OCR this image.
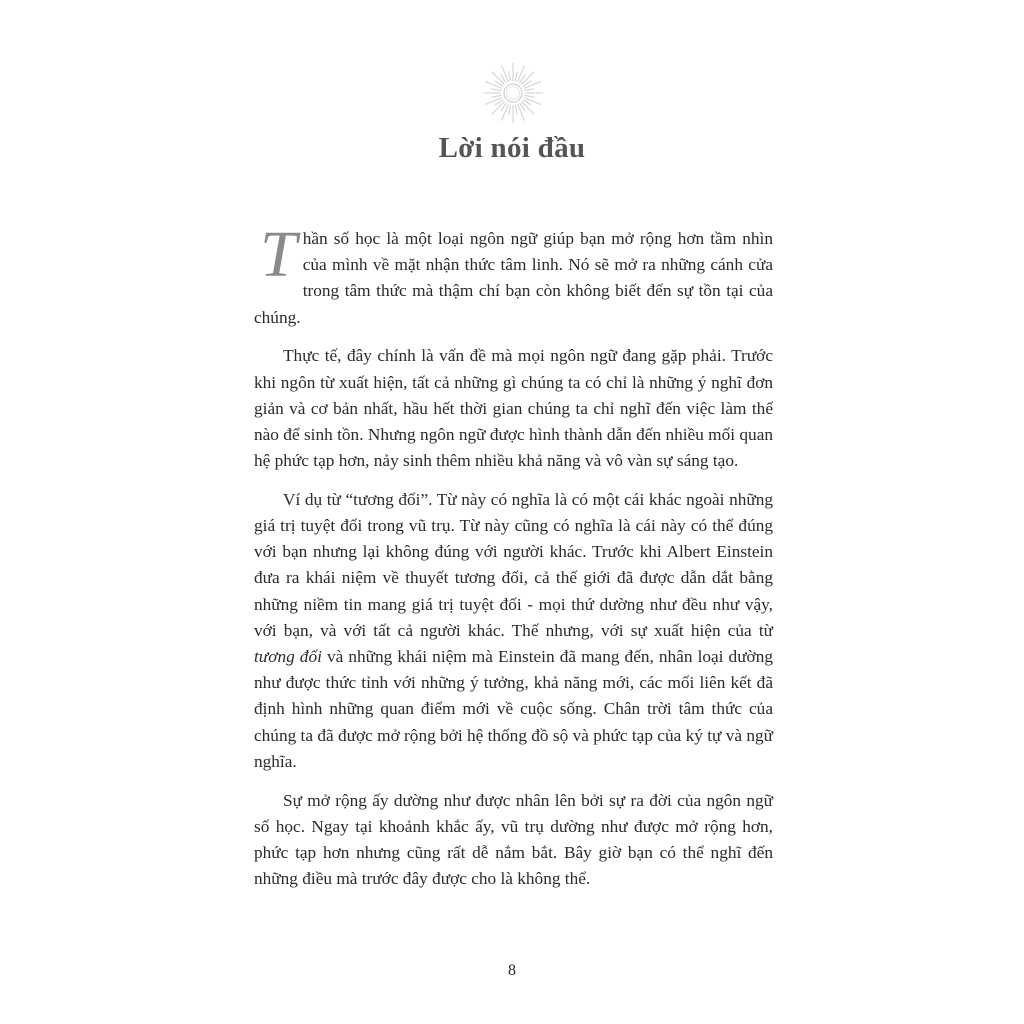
Lời nói đầu

T hần số học là một loại ngôn ngữ giúp bạn mở rộng hơn tầm nhìn của mình về mặt nhận thức tâm linh. Nó sẽ mở ra những cánh cửa trong tâm thức mà thậm chí bạn còn không biết đến sự tồn tại của chúng.

Thực tế, đây chính là vấn đề mà mọi ngôn ngữ đang gặp phải. Trước khi ngôn từ xuất hiện, tất cả những gì chúng ta có chỉ là những ý nghĩ đơn giản và cơ bản nhất, hầu hết thời gian chúng ta chỉ nghĩ đến việc làm thế nào để sinh tồn. Nhưng ngôn ngữ được hình thành dẫn đến nhiều mối quan hệ phức tạp hơn, nảy sinh thêm nhiều khả năng và vô vàn sự sáng tạo.

Ví dụ từ “tương đối”. Từ này có nghĩa là có một cái khác ngoài những giá trị tuyệt đối trong vũ trụ. Từ này cũng có nghĩa là cái này có thể đúng với bạn nhưng lại không đúng với người khác. Trước khi Albert Einstein đưa ra khái niệm về thuyết tương đối, cả thế giới đã được dẫn dắt bằng những niềm tin mang giá trị tuyệt đối - mọi thứ dường như đều như vậy, với bạn, và với tất cả người khác. Thế nhưng, với sự xuất hiện của từ tương đối và những khái niệm mà Einstein đã mang đến, nhân loại dường như được thức tỉnh với những ý tưởng, khả năng mới, các mối liên kết đã định hình những quan điểm mới về cuộc sống. Chân trời tâm thức của chúng ta đã được mở rộng bởi hệ thống đồ sộ và phức tạp của ký tự và ngữ nghĩa.

Sự mở rộng ấy dường như được nhân lên bởi sự ra đời của ngôn ngữ số học. Ngay tại khoảnh khắc ấy, vũ trụ dường như được mở rộng hơn, phức tạp hơn nhưng cũng rất dễ nắm bắt. Bây giờ bạn có thể nghĩ đến những điều mà trước đây được cho là không thể.

8
